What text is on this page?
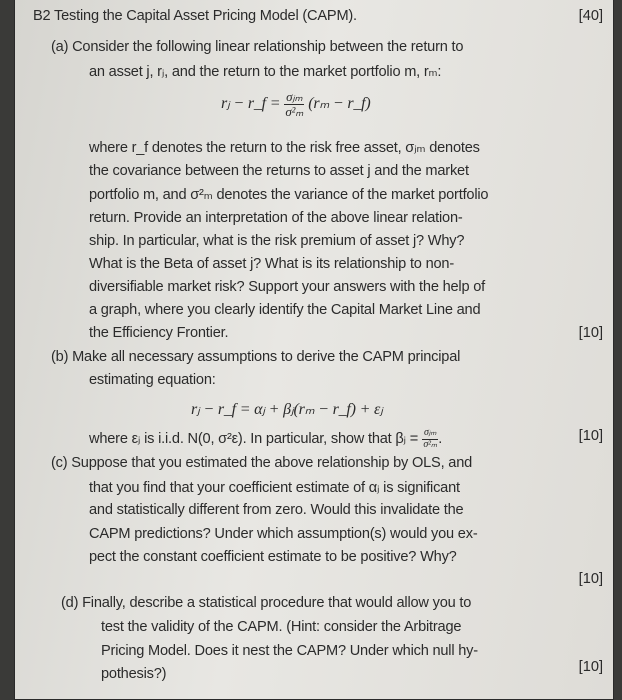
B2 Testing the Capital Asset Pricing Model (CAPM).	[40]
(a) Consider the following linear relationship between the return to
an asset j, rⱼ, and the return to the market portfolio m, rₘ:
rⱼ − r_f = $\frac{\text{σⱼₘ}}{\text{σ²ₘ}} (r_m$ − r_f)
where r_f denotes the return to the risk free asset, σⱼₘ denotes
the covariance between the returns to asset j and the market
portfolio m, and σ²ₘ denotes the variance of the market portfolio
return. Provide an interpretation of the above linear relation-
ship. In particular, what is the risk premium of asset j? Why?
What is the Beta of asset j? What is its relationship to non-
diversifiable market risk? Support your answers with the help of
a graph, where you clearly identify the Capital Market Line and
the Efficiency Frontier.	[10]
(b) Make all necessary assumptions to derive the CAPM principal
estimating equation:
rⱼ − r_f = αⱼ + βⱼ(rₘ − r_f) + εⱼ
where εⱼ is i.i.d. N(0, σ²ε). In particular, show that βⱼ = $\frac{\text{σⱼₘ}}{\text{σ²ₘ}}$ .	[10]
(c) Suppose that you estimated the above relationship by OLS, and
that you find that your coefficient estimate of αⱼ is significant
and statistically different from zero. Would this invalidate the
CAPM predictions? Under which assumption(s) would you ex-
pect the constant coefficient estimate to be positive? Why?
[10]
(d) Finally, describe a statistical procedure that would allow you to
test the validity of the CAPM. (Hint: consider the Arbitrage
Pricing Model. Does it nest the CAPM? Under which null hy-
pothesis?)	[10]
